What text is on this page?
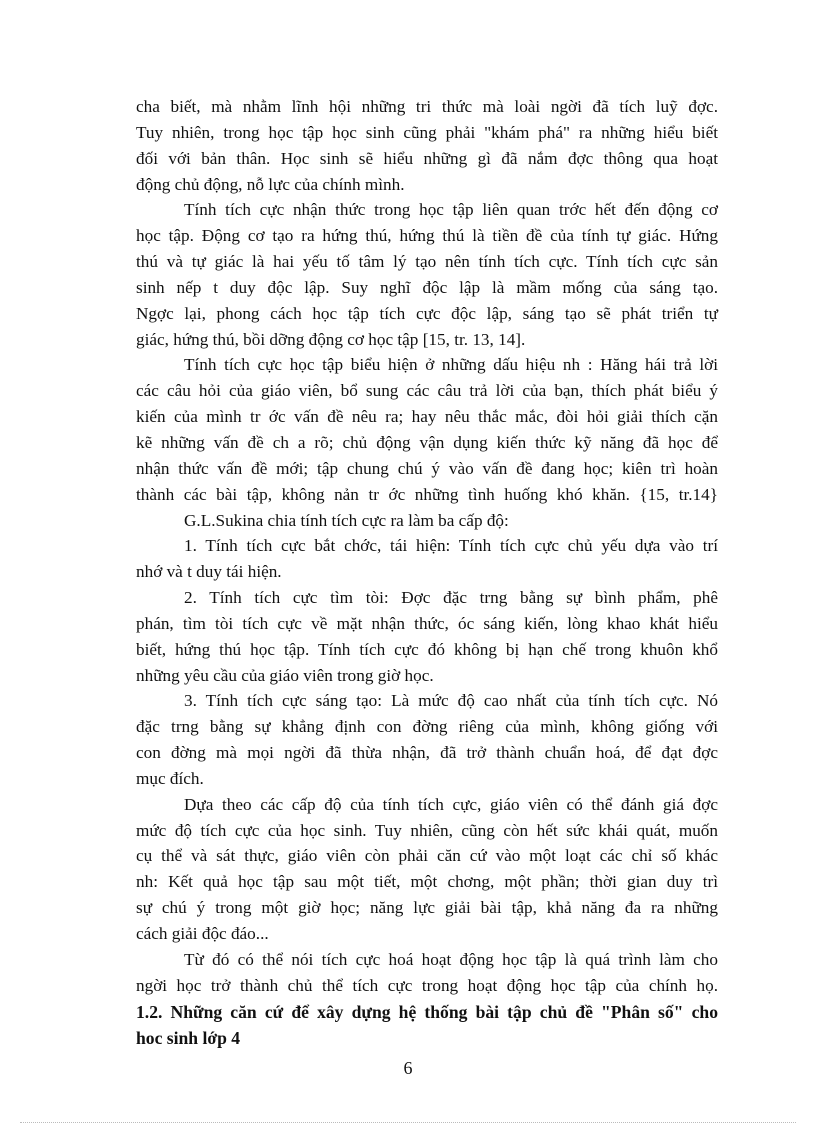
cha biết, mà nhằm lĩnh hội những tri thức mà loài ngời đã tích luỹ đợc.
Tuy nhiên, trong học tập học sinh cũng phải "khám phá" ra những hiểu biết
đối với bản thân. Học sinh sẽ hiểu những gì đã nắm đợc thông qua hoạt
động chủ động, nỗ lực của chính mình.
Tính tích cực nhận thức trong học tập liên quan trớc hết đến động cơ
học tập. Động cơ tạo ra hứng thú, hứng thú là tiền đề của tính tự giác. Hứng
thú và tự giác là hai yếu tố tâm lý tạo nên tính tích cực. Tính tích cực sản
sinh nếp t duy độc lập. Suy nghĩ độc lập là mầm mống của sáng tạo.
Ngợc lại, phong cách học tập tích cực độc lập, sáng tạo sẽ phát triển tự
giác, hứng thú, bồi dỡng động cơ học tập [15, tr. 13, 14].
Tính tích cực học tập biểu hiện ở những dấu hiệu nh : Hăng hái trả lời
các câu hỏi của giáo viên, bổ sung các câu trả lời của bạn, thích phát biểu ý
kiến của mình tr ớc vấn đề nêu ra; hay nêu thắc mắc, đòi hỏi giải thích cặn
kẽ những vấn đề ch a rõ; chủ động vận dụng kiến thức kỹ năng đã học để
nhận thức vấn đề mới; tập chung chú ý vào vấn đề đang học; kiên trì hoàn
thành các bài tập, không nản tr ớc những tình huống khó khăn. {15, tr.14}
G.L.Sukina chia tính tích cực ra làm ba cấp độ:
1. Tính tích cực bắt chớc, tái hiện: Tính tích cực chủ yếu dựa vào trí
nhớ và t duy tái hiện.
2. Tính tích cực tìm tòi: Đợc đặc trng bằng sự bình phẩm, phê
phán, tìm tòi tích cực về mặt nhận thức, óc sáng kiến, lòng khao khát hiểu
biết, hứng thú học tập. Tính tích cực đó không bị hạn chế trong khuôn khổ
những yêu cầu của giáo viên trong giờ học.
3. Tính tích cực sáng tạo: Là mức độ cao nhất của tính tích cực. Nó
đặc trng bằng sự khẳng định con đờng riêng của mình, không giống với
con đờng mà mọi ngời đã thừa nhận, đã trở thành chuẩn hoá, để đạt đợc
mục đích.
Dựa theo các cấp độ của tính tích cực, giáo viên có thể đánh giá đợc
mức độ tích cực của học sinh. Tuy nhiên, cũng còn hết sức khái quát, muốn
cụ thể và sát thực, giáo viên còn phải căn cứ vào một loạt các chỉ số khác
nh: Kết quả học tập sau một tiết, một chơng, một phần; thời gian duy trì
sự chú ý trong một giờ học; năng lực giải bài tập, khả năng đa ra những
cách giải độc đáo...
Từ đó có thể nói tích cực hoá hoạt động học tập là quá trình làm cho
ngời học trở thành chủ thể tích cực trong hoạt động học tập của chính họ.
1.2. Những căn cứ để xây dựng hệ thống bài tập chủ đề "Phân số" cho
hoc sinh lớp 4
6
